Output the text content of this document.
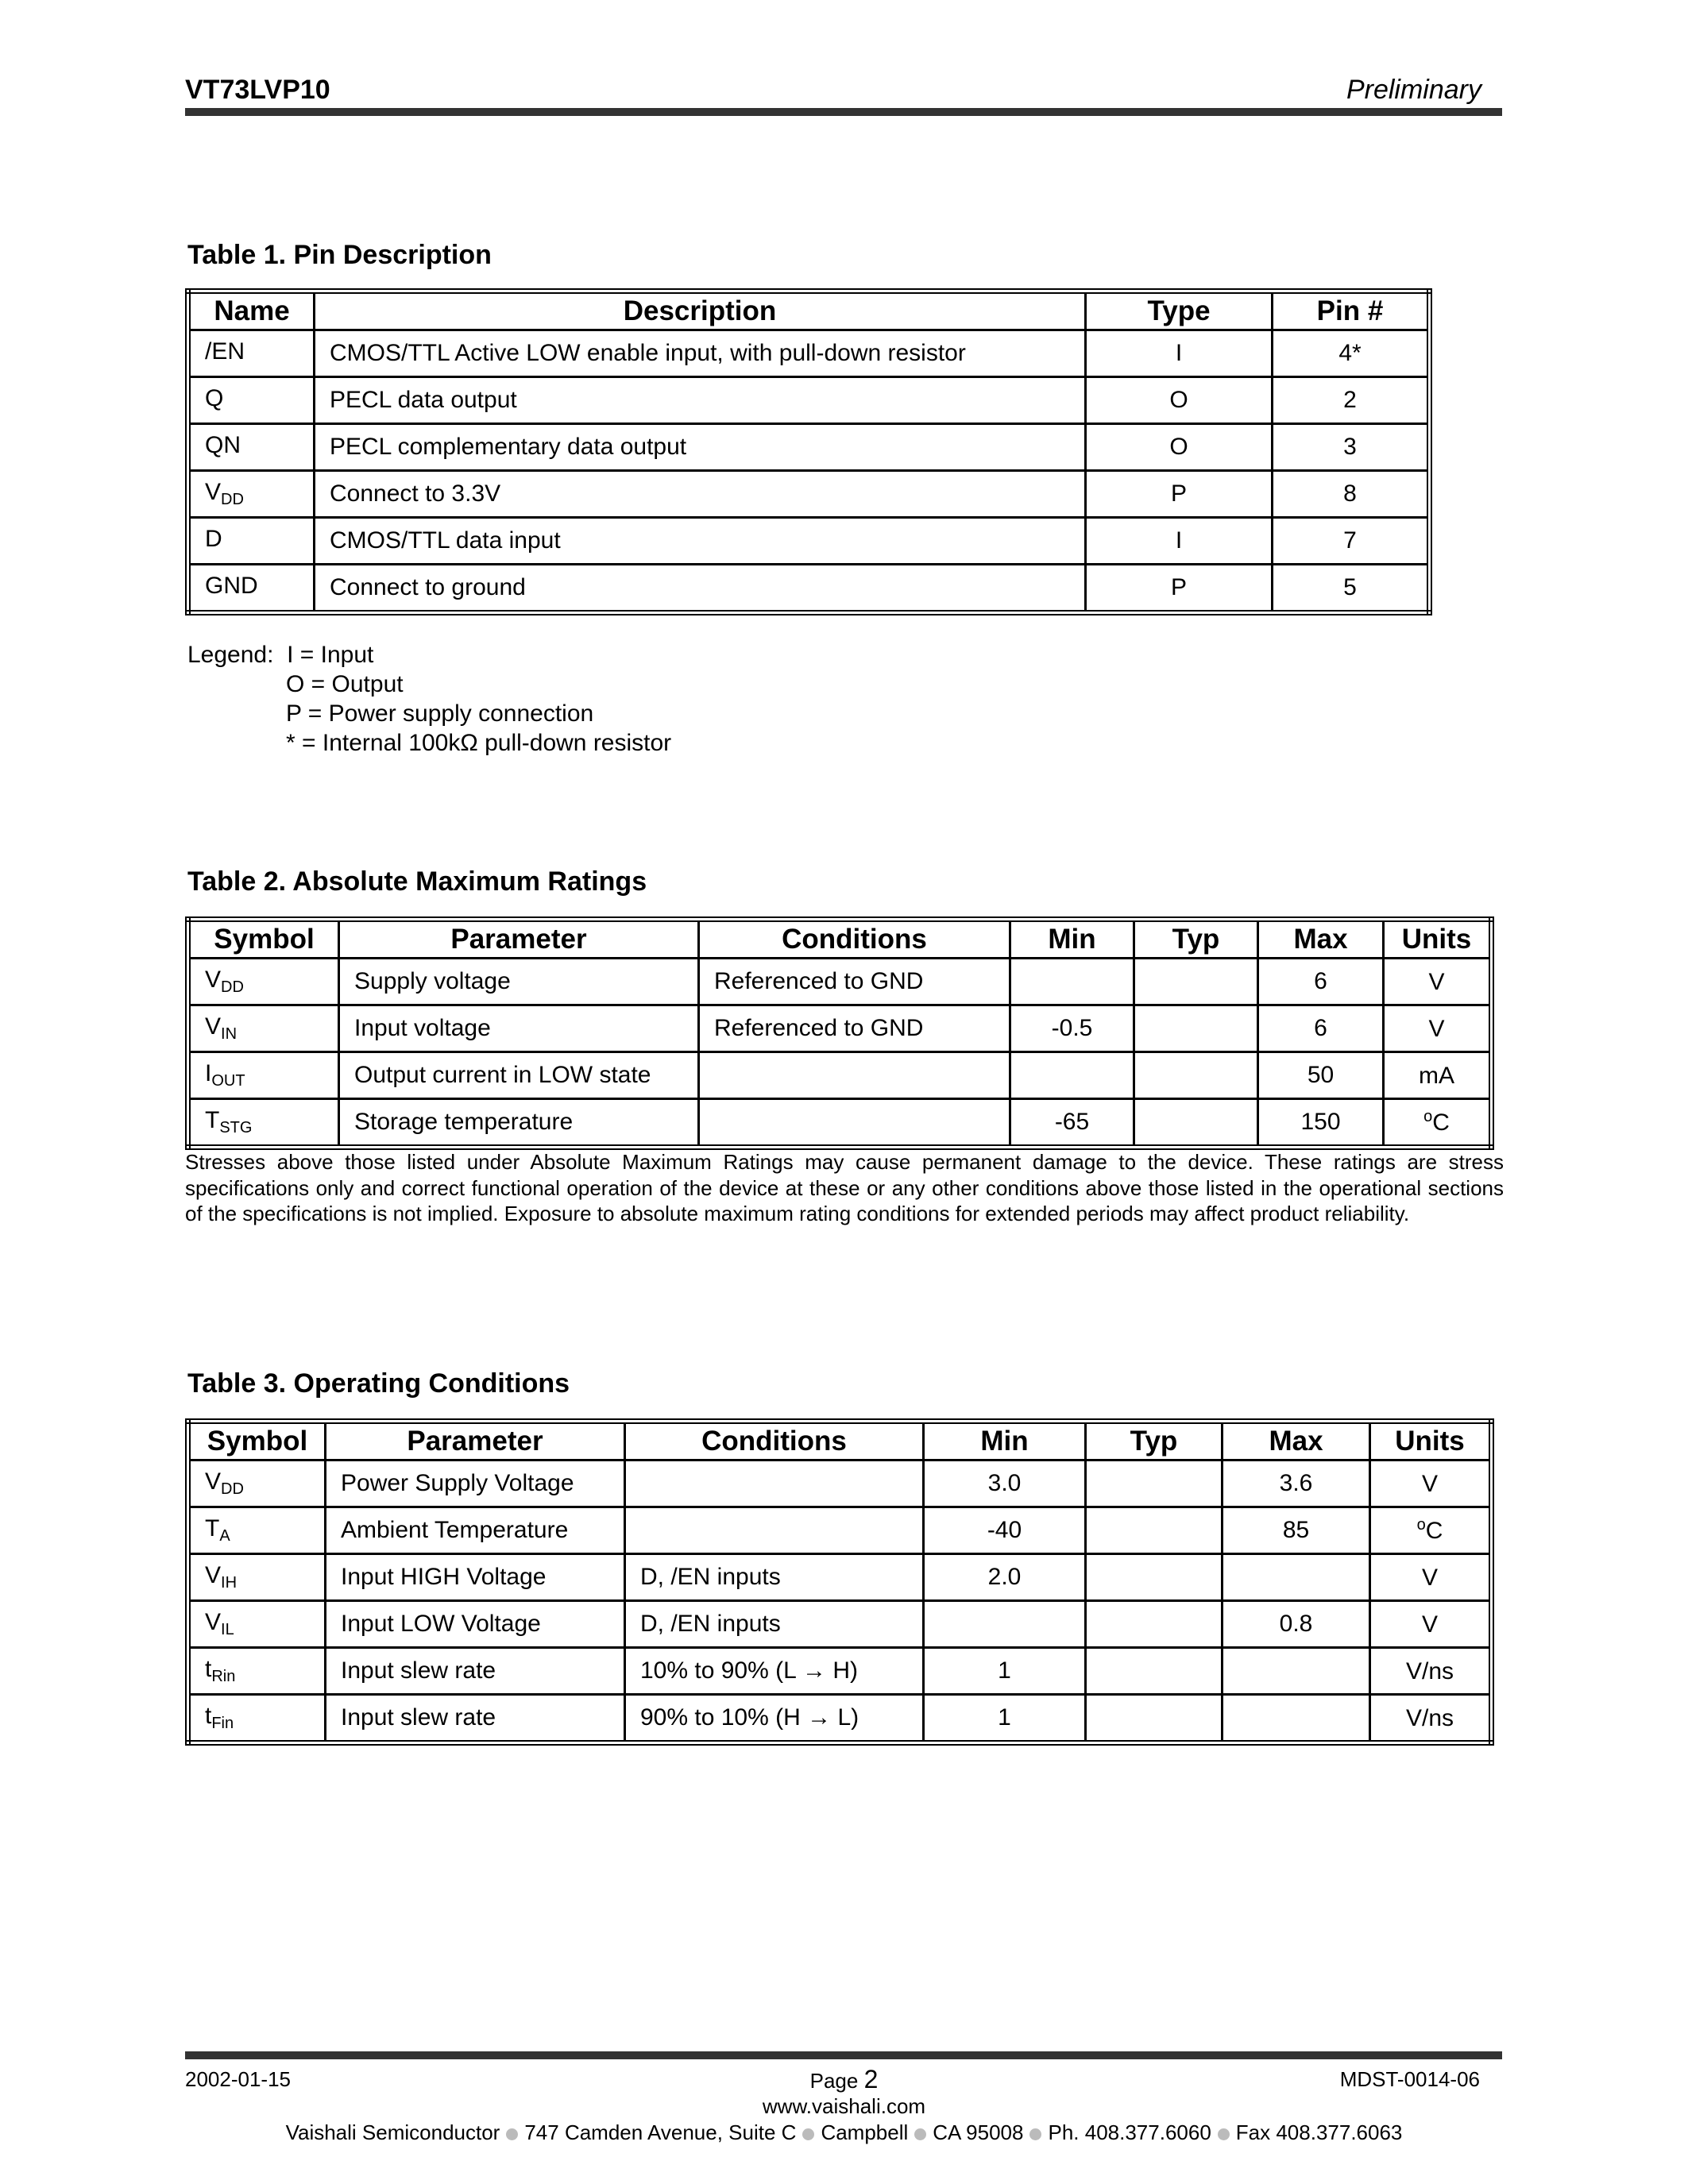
VT73LVP10	Preliminary
Table 1. Pin Description
Name	Description	Type	Pin #
/EN	CMOS/TTL Active LOW enable input, with pull-down resistor	I	4*
Q	PECL data output	O	2
QN	PECL complementary data output	O	3
$V_{DD}$	Connect to 3.3V	P	8
D	CMOS/TTL data input	I	7
GND	Connect to ground	P	5
Legend: I = Input
O = Output
P = Power supply connection
* = Internal 100kΩ pull-down resistor
Table 2. Absolute Maximum Ratings
Symbol	Parameter	Conditions	Min	Typ	Max	Units
$V_{DD}$	Supply voltage	Referenced to GND			6	V
$V_{IN}$	Input voltage	Referenced to GND	-0.5		6	V
$I_{OUT}$	Output current in LOW state				50	mA
$T_{STG}$	Storage temperature		-65		150	$^o$C
Stresses above those listed under Absolute Maximum Ratings may cause permanent damage to the device. These ratings are stress specifications only and correct functional operation of the device at these or any other conditions above those listed in the operational sections of the specifications is not implied. Exposure to absolute maximum rating conditions for extended periods may affect product reliability.
Table 3. Operating Conditions
Symbol	Parameter	Conditions	Min	Typ	Max	Units
$V_{DD}$	Power Supply Voltage		3.0		3.6	V
$T_A$	Ambient Temperature		-40		85	$^o$C
$V_{IH}$	Input HIGH Voltage	D, /EN inputs	2.0			V
$V_{IL}$	Input LOW Voltage	D, /EN inputs			0.8	V
$t_{Rin}$	Input slew rate	10% to 90% (L → H)	1			V/ns
$t_{Fin}$	Input slew rate	90% to 10% (H → L)	1			V/ns
2002-01-15	Page 2	MDST-0014-06
www.vaishali.com
Vaishali Semiconductor 747 Camden Avenue, Suite C Campbell CA 95008 Ph. 408.377.6060 Fax 408.377.6063
